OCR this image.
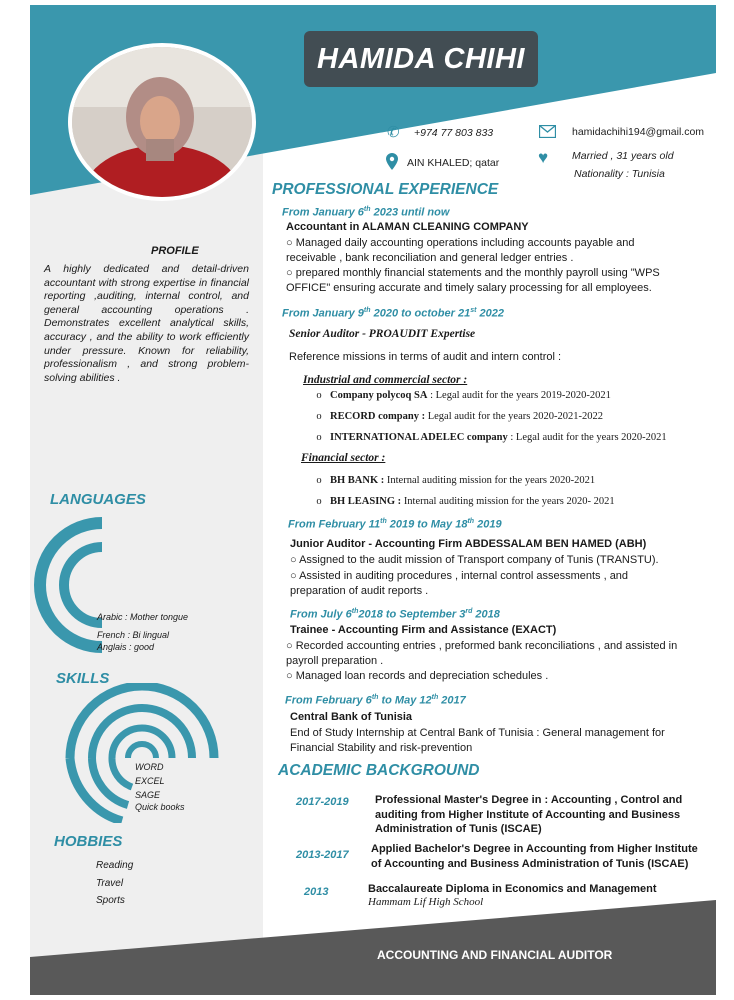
HAMIDA CHIHI
✆ +974 77 803 833	hamidachihi194@gmail.com
AIN KHALED; qatar ♥ Married , 31 years old
Nationality : Tunisia
PROFILE
A highly dedicated and detail-driven accountant with strong expertise in financial reporting ,auditing, internal control, and general accounting operations . Demonstrates excellent analytical skills, accuracy , and the ability to work efficiently under pressure. Known for reliability, professionalism , and strong problem-solving abilities .
LANGUAGES
Arabic : Mother tongue
French : Bi lingual
Anglais : good
SKILLS
WORD
EXCEL
SAGE
Quick books
HOBBIES
Reading
Travel
Sports
PROFESSIONAL EXPERIENCE
From January 6th 2023 until now
Accountant in ALAMAN CLEANING COMPANY
○ Managed daily accounting operations including accounts payable and receivable , bank reconciliation and general ledger entries .
○ prepared monthly financial statements and the monthly payroll using "WPS OFFICE" ensuring accurate and timely salary processing for all employees.
From January 9th 2020 to october 21st 2022
Senior Auditor - PROAUDIT Expertise
Reference missions in terms of audit and intern control :
Industrial and commercial sector :
o Company polycoq SA : Legal audit for the years 2019-2020-2021
o RECORD company : Legal audit for the years 2020-2021-2022
o INTERNATIONAL ADELEC company : Legal audit for the years 2020-2021
Financial sector :
o BH BANK : Internal auditing mission for the years 2020-2021
o BH LEASING : Internal auditing mission for the years 2020- 2021
From February 11th 2019 to May 18th 2019
Junior Auditor - Accounting Firm ABDESSALAM BEN HAMED (ABH)
○ Assigned to the audit mission of Transport company of Tunis (TRANSTU).
○ Assisted in auditing procedures , internal control assessments , and preparation of audit reports .
From July 6th2018 to September 3rd 2018
Trainee - Accounting Firm and Assistance (EXACT)
○ Recorded accounting entries , preformed bank reconciliations , and assisted in payroll preparation .
○ Managed loan records and depreciation schedules .
From February 6th to May 12th 2017
Central Bank of Tunisia
End of Study Internship at Central Bank of Tunisia : General management for Financial Stability and risk-prevention
ACADEMIC BACKGROUND
2017-2019 Professional Master's Degree in : Accounting , Control and auditing from Higher Institute of Accounting and Business Administration of Tunis (ISCAE)
2013-2017 Applied Bachelor's Degree in Accounting from Higher Institute of Accounting and Business Administration of Tunis (ISCAE)
2013	Baccalaureate Diploma in Economics and Management
Hammam Lif High School
ACCOUNTING AND FINANCIAL AUDITOR
